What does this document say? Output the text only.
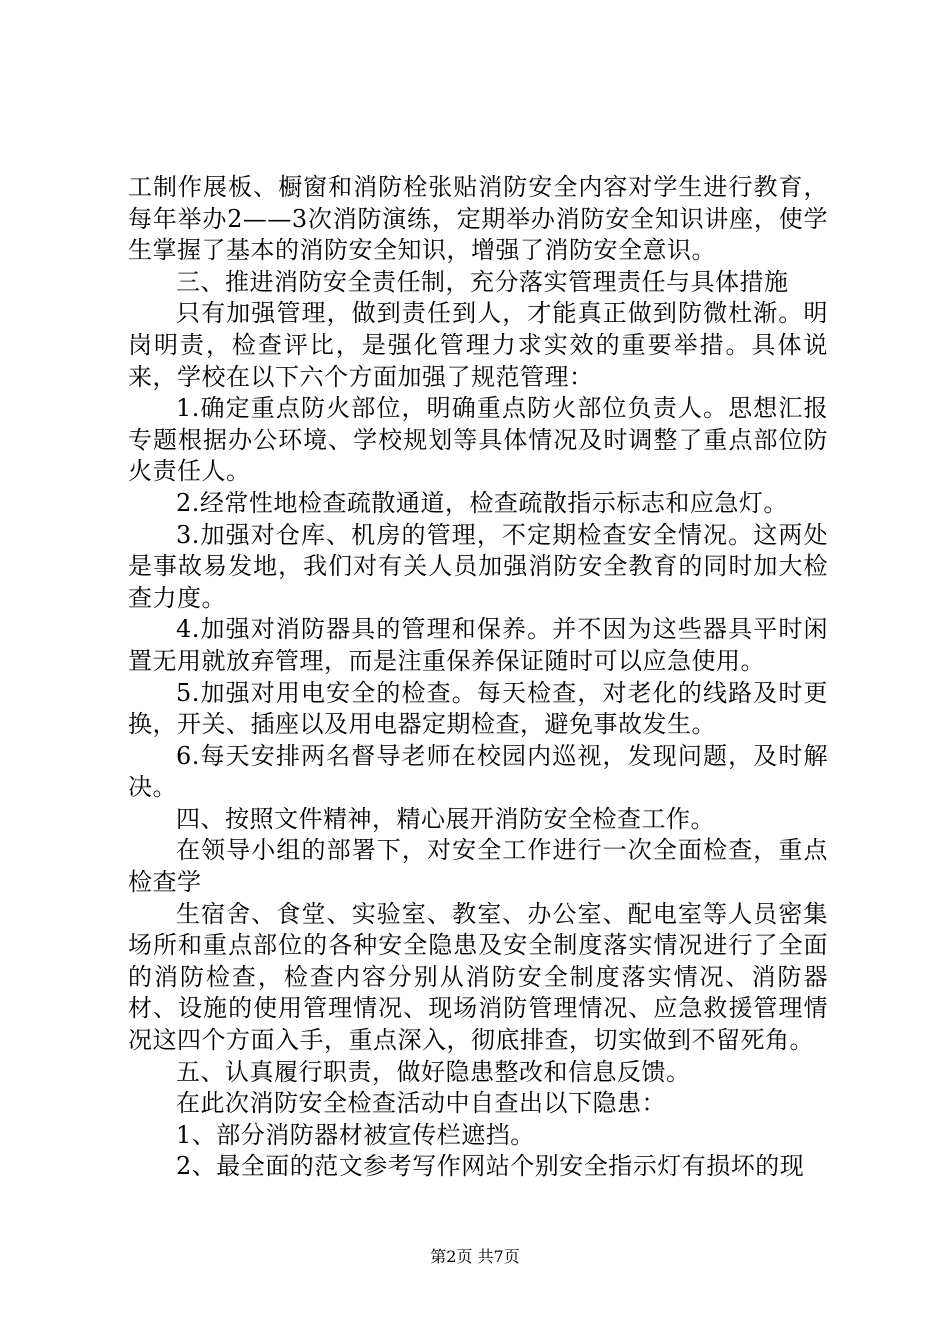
工制作展板、橱窗和消防栓张贴消防安全内容对学生进行教育，每年举办2——3次消防演练，定期举办消防安全知识讲座，使学生掌握了基本的消防安全知识，增强了消防安全意识。

三、推进消防安全责任制，充分落实管理责任与具体措施

只有加强管理，做到责任到人，才能真正做到防微杜渐。明岗明责，检查评比，是强化管理力求实效的重要举措。具体说来，学校在以下六个方面加强了规范管理：

1.确定重点防火部位，明确重点防火部位负责人。思想汇报专题根据办公环境、学校规划等具体情况及时调整了重点部位防火责任人。

2.经常性地检查疏散通道，检查疏散指示标志和应急灯。

3.加强对仓库、机房的管理，不定期检查安全情况。这两处是事故易发地，我们对有关人员加强消防安全教育的同时加大检查力度。

4.加强对消防器具的管理和保养。并不因为这些器具平时闲置无用就放弃管理，而是注重保养保证随时可以应急使用。

5.加强对用电安全的检查。每天检查，对老化的线路及时更换，开关、插座以及用电器定期检查，避免事故发生。

6.每天安排两名督导老师在校园内巡视，发现问题，及时解决。

四、按照文件精神，精心展开消防安全检查工作。

在领导小组的部署下，对安全工作进行一次全面检查，重点检查学

生宿舍、食堂、实验室、教室、办公室、配电室等人员密集场所和重点部位的各种安全隐患及安全制度落实情况进行了全面的消防检查，检查内容分别从消防安全制度落实情况、消防器材、设施的使用管理情况、现场消防管理情况、应急救援管理情况这四个方面入手，重点深入，彻底排查，切实做到不留死角。

五、认真履行职责，做好隐患整改和信息反馈。

在此次消防安全检查活动中自查出以下隐患：

1、部分消防器材被宣传栏遮挡。

2、最全面的范文参考写作网站个别安全指示灯有损坏的现

第2页 共7页
